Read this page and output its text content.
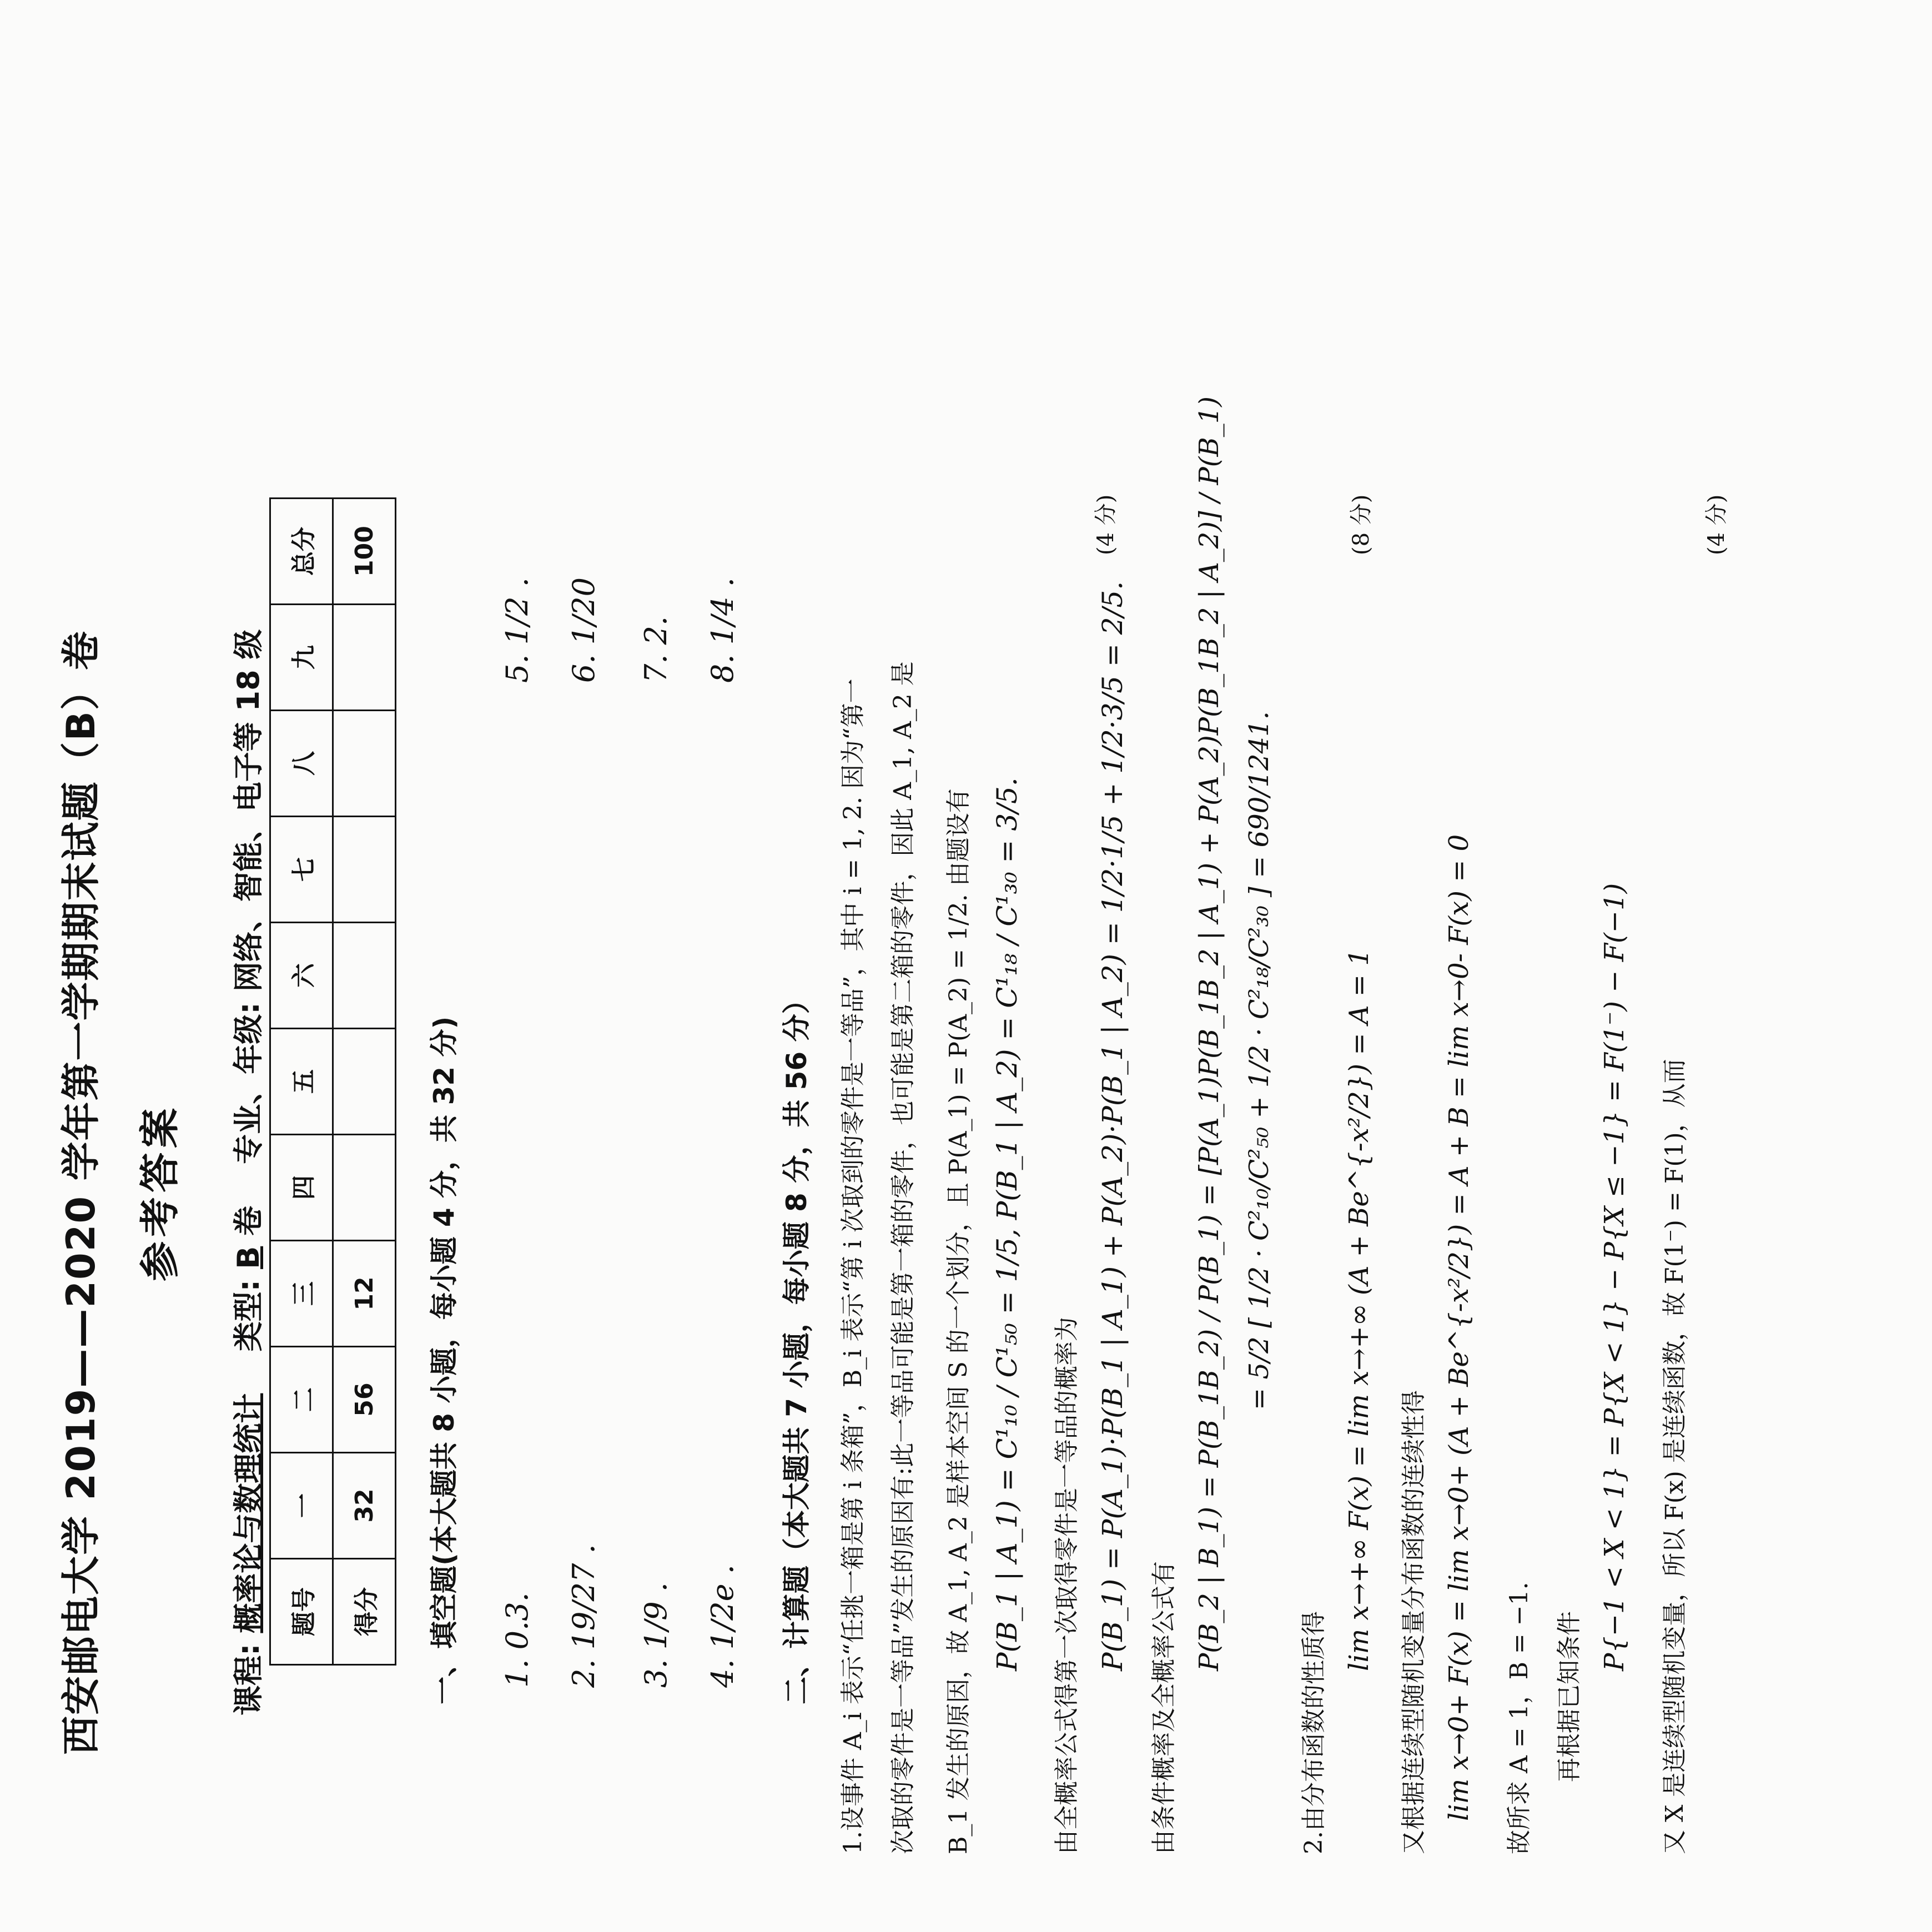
西安邮电大学 2019——2020 学年第一学期期末试题（B）卷 参考答案
课程: 概率论与数理统计    类型: B 卷    专业、年级: 网络、智能、电子等 18 级
题号	一	二	三	四	五	六	七	八	九	总分
得分	32	56	12							100
一、填空题(本大题共 8 小题，每小题 4 分，共 32 分) 1. 0.3. 2. 19/27 . 3. 1/9 . 4. 1/2e .
5. 1/2 . 6. 1/20 7. 2. 8. 1/4 .
二、计算题（本大题共 7 小题，每小题 8 分，共 56 分） 1.设事件 A_i 表示“任挑一箱是第 i 条箱”，B_i 表示“第 i 次取到的零件是一等品”，其中 i = 1, 2. 因为“第一 次取的零件是一等品”发生的原因有:此一等品可能是第一箱的零件，也可能是第二箱的零件，因此 A_1, A_2 是 B_1 发生的原因，故 A_1, A_2 是样本空间 S 的一个划分，且 P(A_1) = P(A_2) = 1/2. 由题设有 P(B_1 | A_1) = C¹₁₀ / C¹₅₀ = 1/5, P(B_1 | A_2) = C¹₁₈ / C¹₃₀ = 3/5. 由全概率公式得第一次取得零件是一等品的概率为 P(B_1) = P(A_1)·P(B_1 | A_1) + P(A_2)·P(B_1 | A_2) = 1/2·1/5 + 1/2·3/5 = 2/5.
由条件概率及全概率公式有
P(B_2 | B_1) = P(B_1B_2) / P(B_1) = [P(A_1)P(B_1B_2 | A_1) + P(A_2)P(B_1B_2 | A_2)] / P(B_1) = 5/2 [ 1/2 · C²₁₀/C²₅₀ + 1/2 · C²₁₈/C²₃₀ ] = 690/1241.
2.由分布函数的性质得
lim x→+∞ F(x) = lim x→+∞ (A + Be^{-x²/2}) = A = 1 又根据连续型随机变量分布函数的连续性得 lim x→0+ F(x) = lim x→0+ (A + Be^{-x²/2}) = A + B = lim x→0- F(x) = 0 故所求 A = 1，B = −1. 再根据已知条件
P{−1 < X < 1} = P{X < 1} − P{X ≤ −1} = F(1⁻) − F(−1) 又 X 是连续型随机变量，所以 F(x) 是连续函数，故 F(1⁻) = F(1)，从而
(4 分)	(8 分)	(4 分)
